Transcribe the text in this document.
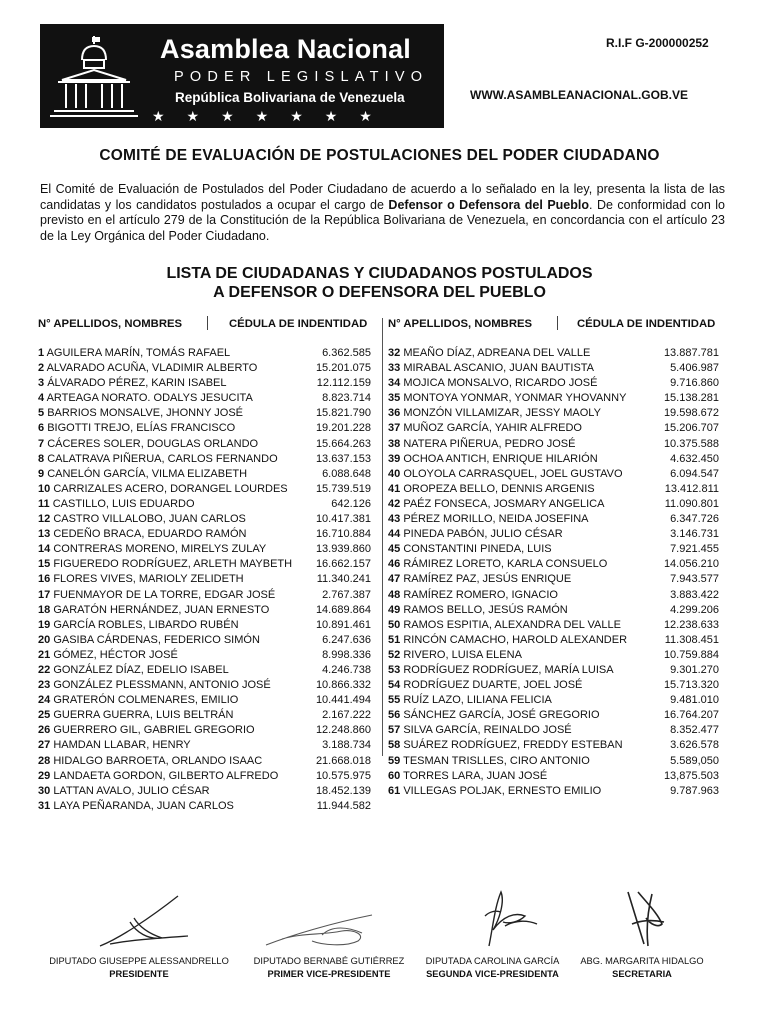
Asamblea Nacional
PODER LEGISLATIVO
República Bolivariana de Venezuela
★★★★★★★
R.I.F G-200000252
WWW.ASAMBLEANACIONAL.GOB.VE
COMITÉ DE EVALUACIÓN DE POSTULACIONES DEL PODER CIUDADANO
El Comité de Evaluación de Postulados del Poder Ciudadano de acuerdo a lo señalado en la ley, presenta la lista de las candidatas y los candidatos postulados a ocupar el cargo de Defensor o Defensora del Pueblo. De conformidad con lo previsto en el artículo 279 de la Constitución de la República Bolivariana de Venezuela, en concordancia con el artículo 23 de la Ley Orgánica del Poder Ciudadano.
LISTA DE CIUDADANAS Y CIUDADANOS POSTULADOS
A DEFENSOR O DEFENSORA DEL PUEBLO
N° APELLIDOS, NOMBRES	CÉDULA DE INDENTIDAD N° APELLIDOS, NOMBRES	CÉDULA DE INDENTIDAD
1 AGUILERA MARÍN, TOMÁS RAFAEL	6.362.585
2 ALVARADO ACUÑA, VLADIMIR ALBERTO	15.201.075
3 ÁLVARADO PÉREZ, KARIN ISABEL	12.112.159
4 ARTEAGA NORATO. ODALYS JESUCITA	8.823.714
5 BARRIOS MONSALVE, JHONNY JOSÉ	15.821.790
6 BIGOTTI TREJO, ELÍAS FRANCISCO	19.201.228
7 CÁCERES SOLER, DOUGLAS ORLANDO	15.664.263
8 CALATRAVA PIÑERUA, CARLOS FERNANDO	13.637.153
9 CANELÓN GARCÍA, VILMA ELIZABETH	6.088.648
10 CARRIZALES ACERO, DORANGEL LOURDES	15.739.519
11 CASTILLO, LUIS EDUARDO	642.126
12 CASTRO VILLALOBO, JUAN CARLOS	10.417.381
13 CEDEÑO BRACA, EDUARDO RAMÓN	16.710.884
14 CONTRERAS MORENO, MIRELYS ZULAY	13.939.860
15 FIGUEREDO RODRÍGUEZ, ARLETH MAYBETH 16.662.157
16 FLORES VIVES, MARIOLY ZELIDETH	11.340.241
17 FUENMAYOR DE LA TORRE, EDGAR JOSÉ	2.767.387
18 GARATÓN HERNÁNDEZ, JUAN ERNESTO	14.689.864
19 GARCÍA ROBLES, LIBARDO RUBÉN	10.891.461
20 GASIBA CÁRDENAS, FEDERICO SIMÓN	6.247.636
21 GÓMEZ, HÉCTOR JOSÉ	8.998.336
22 GONZÁLEZ DÍAZ, EDELIO ISABEL	4.246.738
23 GONZÁLEZ PLESSMANN, ANTONIO JOSÉ	10.866.332
24 GRATERÓN COLMENARES, EMILIO	10.441.494
25 GUERRA GUERRA, LUIS BELTRÁN	2.167.222
26 GUERRERO GIL, GABRIEL GREGORIO	12.248.860
27 HAMDAN LLABAR, HENRY	3.188.734
28 HIDALGO BARROETA, ORLANDO ISAAC	21.668.018
29 LANDAETA GORDON, GILBERTO ALFREDO	10.575.975
30 LATTAN AVALO, JULIO CÉSAR	18.452.139
31 LAYA PEÑARANDA, JUAN CARLOS	11.944.582
32 MEAÑO DÍAZ, ADREANA DEL VALLE	13.887.781
33 MIRABAL ASCANIO, JUAN BAUTISTA	5.406.987
34 MOJICA MONSALVO, RICARDO JOSÉ	9.716.860
35 MONTOYA YONMAR, YONMAR YHOVANNY	15.138.281
36 MONZÓN VILLAMIZAR, JESSY MAOLY	19.598.672
37 MUÑOZ GARCÍA, YAHIR ALFREDO	15.206.707
38 NATERA PIÑERUA, PEDRO JOSÉ	10.375.588
39 OCHOA ANTICH, ENRIQUE HILARIÓN	4.632.450
40 OLOYOLA CARRASQUEL, JOEL GUSTAVO	6.094.547
41 OROPEZA BELLO, DENNIS ARGENIS	13.412.811
42 PAÉZ FONSECA, JOSMARY ANGELICA	11.090.801
43 PÉREZ MORILLO, NEIDA JOSEFINA	6.347.726
44 PINEDA PABÓN, JULIO CÉSAR	3.146.731
45 CONSTANTINI PINEDA, LUIS	7.921.455
46 RÁMIREZ LORETO, KARLA CONSUELO	14.056.210
47 RAMÍREZ PAZ, JESÚS ENRIQUE	7.943.577
48 RAMÍREZ ROMERO, IGNACIO	3.883.422
49 RAMOS BELLO, JESÚS RAMÓN	4.299.206
50 RAMOS ESPITIA, ALEXANDRA DEL VALLE	12.238.633
51 RINCÓN CAMACHO, HAROLD ALEXANDER	11.308.451
52 RIVERO, LUISA ELENA	10.759.884
53 RODRÍGUEZ RODRÍGUEZ, MARÍA LUISA	9.301.270
54 RODRÍGUEZ DUARTE, JOEL JOSÉ	15.713.320
55 RUÍZ LAZO, LILIANA FELICIA	9.481.010
56 SÁNCHEZ GARCÍA, JOSÉ GREGORIO	16.764.207
57 SILVA GARCÍA, REINALDO JOSÉ	8.352.477
58 SUÁREZ RODRÍGUEZ, FREDDY ESTEBAN	3.626.578
59 TESMAN TRISLLES, CIRO ANTONIO	5.589,050
60 TORRES LARA, JUAN JOSÉ	13,875.503
61 VILLEGAS POLJAK, ERNESTO EMILIO	9.787.963
DIPUTADO GIUSEPPE ALESSANDRELLO
PRESIDENTE
DIPUTADO BERNABÉ GUTIÉRREZ
PRIMER VICE-PRESIDENTE
DIPUTADA CAROLINA GARCÍA
SEGUNDA VICE-PRESIDENTA
ABG. MARGARITA HIDALGO
SECRETARIA
